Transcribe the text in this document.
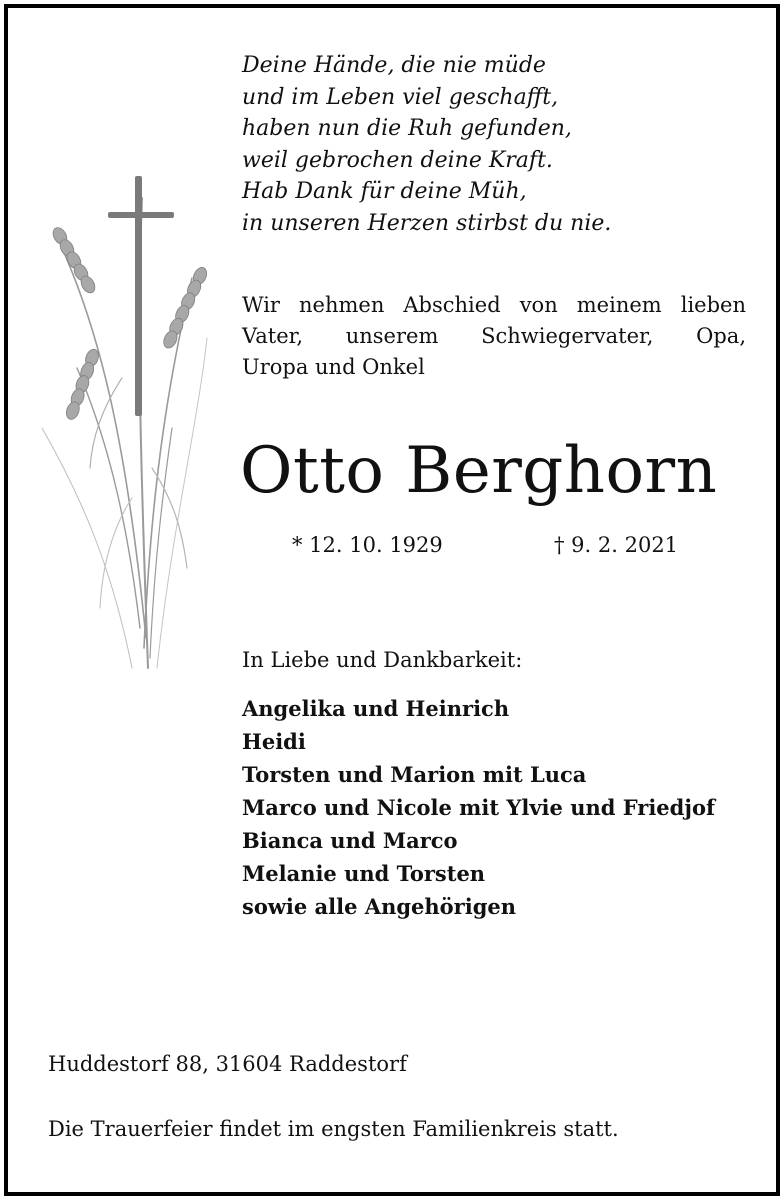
Deine Hände, die nie müde
und im Leben viel geschafft,
haben nun die Ruh gefunden,
weil gebrochen deine Kraft.
Hab Dank für deine Müh,
in unseren Herzen stirbst du nie.
Wir nehmen Abschied von meinem lieben
Vater, unserem Schwiegervater, Opa,
Uropa und Onkel
Otto Berghorn
* 12. 10. 1929	† 9. 2. 2021
In Liebe und Dankbarkeit:
Angelika und Heinrich
Heidi
Torsten und Marion mit Luca
Marco und Nicole mit Ylvie und Friedjof
Bianca und Marco
Melanie und Torsten
sowie alle Angehörigen
Huddestorf 88, 31604 Raddestorf
Die Trauerfeier findet im engsten Familienkreis statt.
